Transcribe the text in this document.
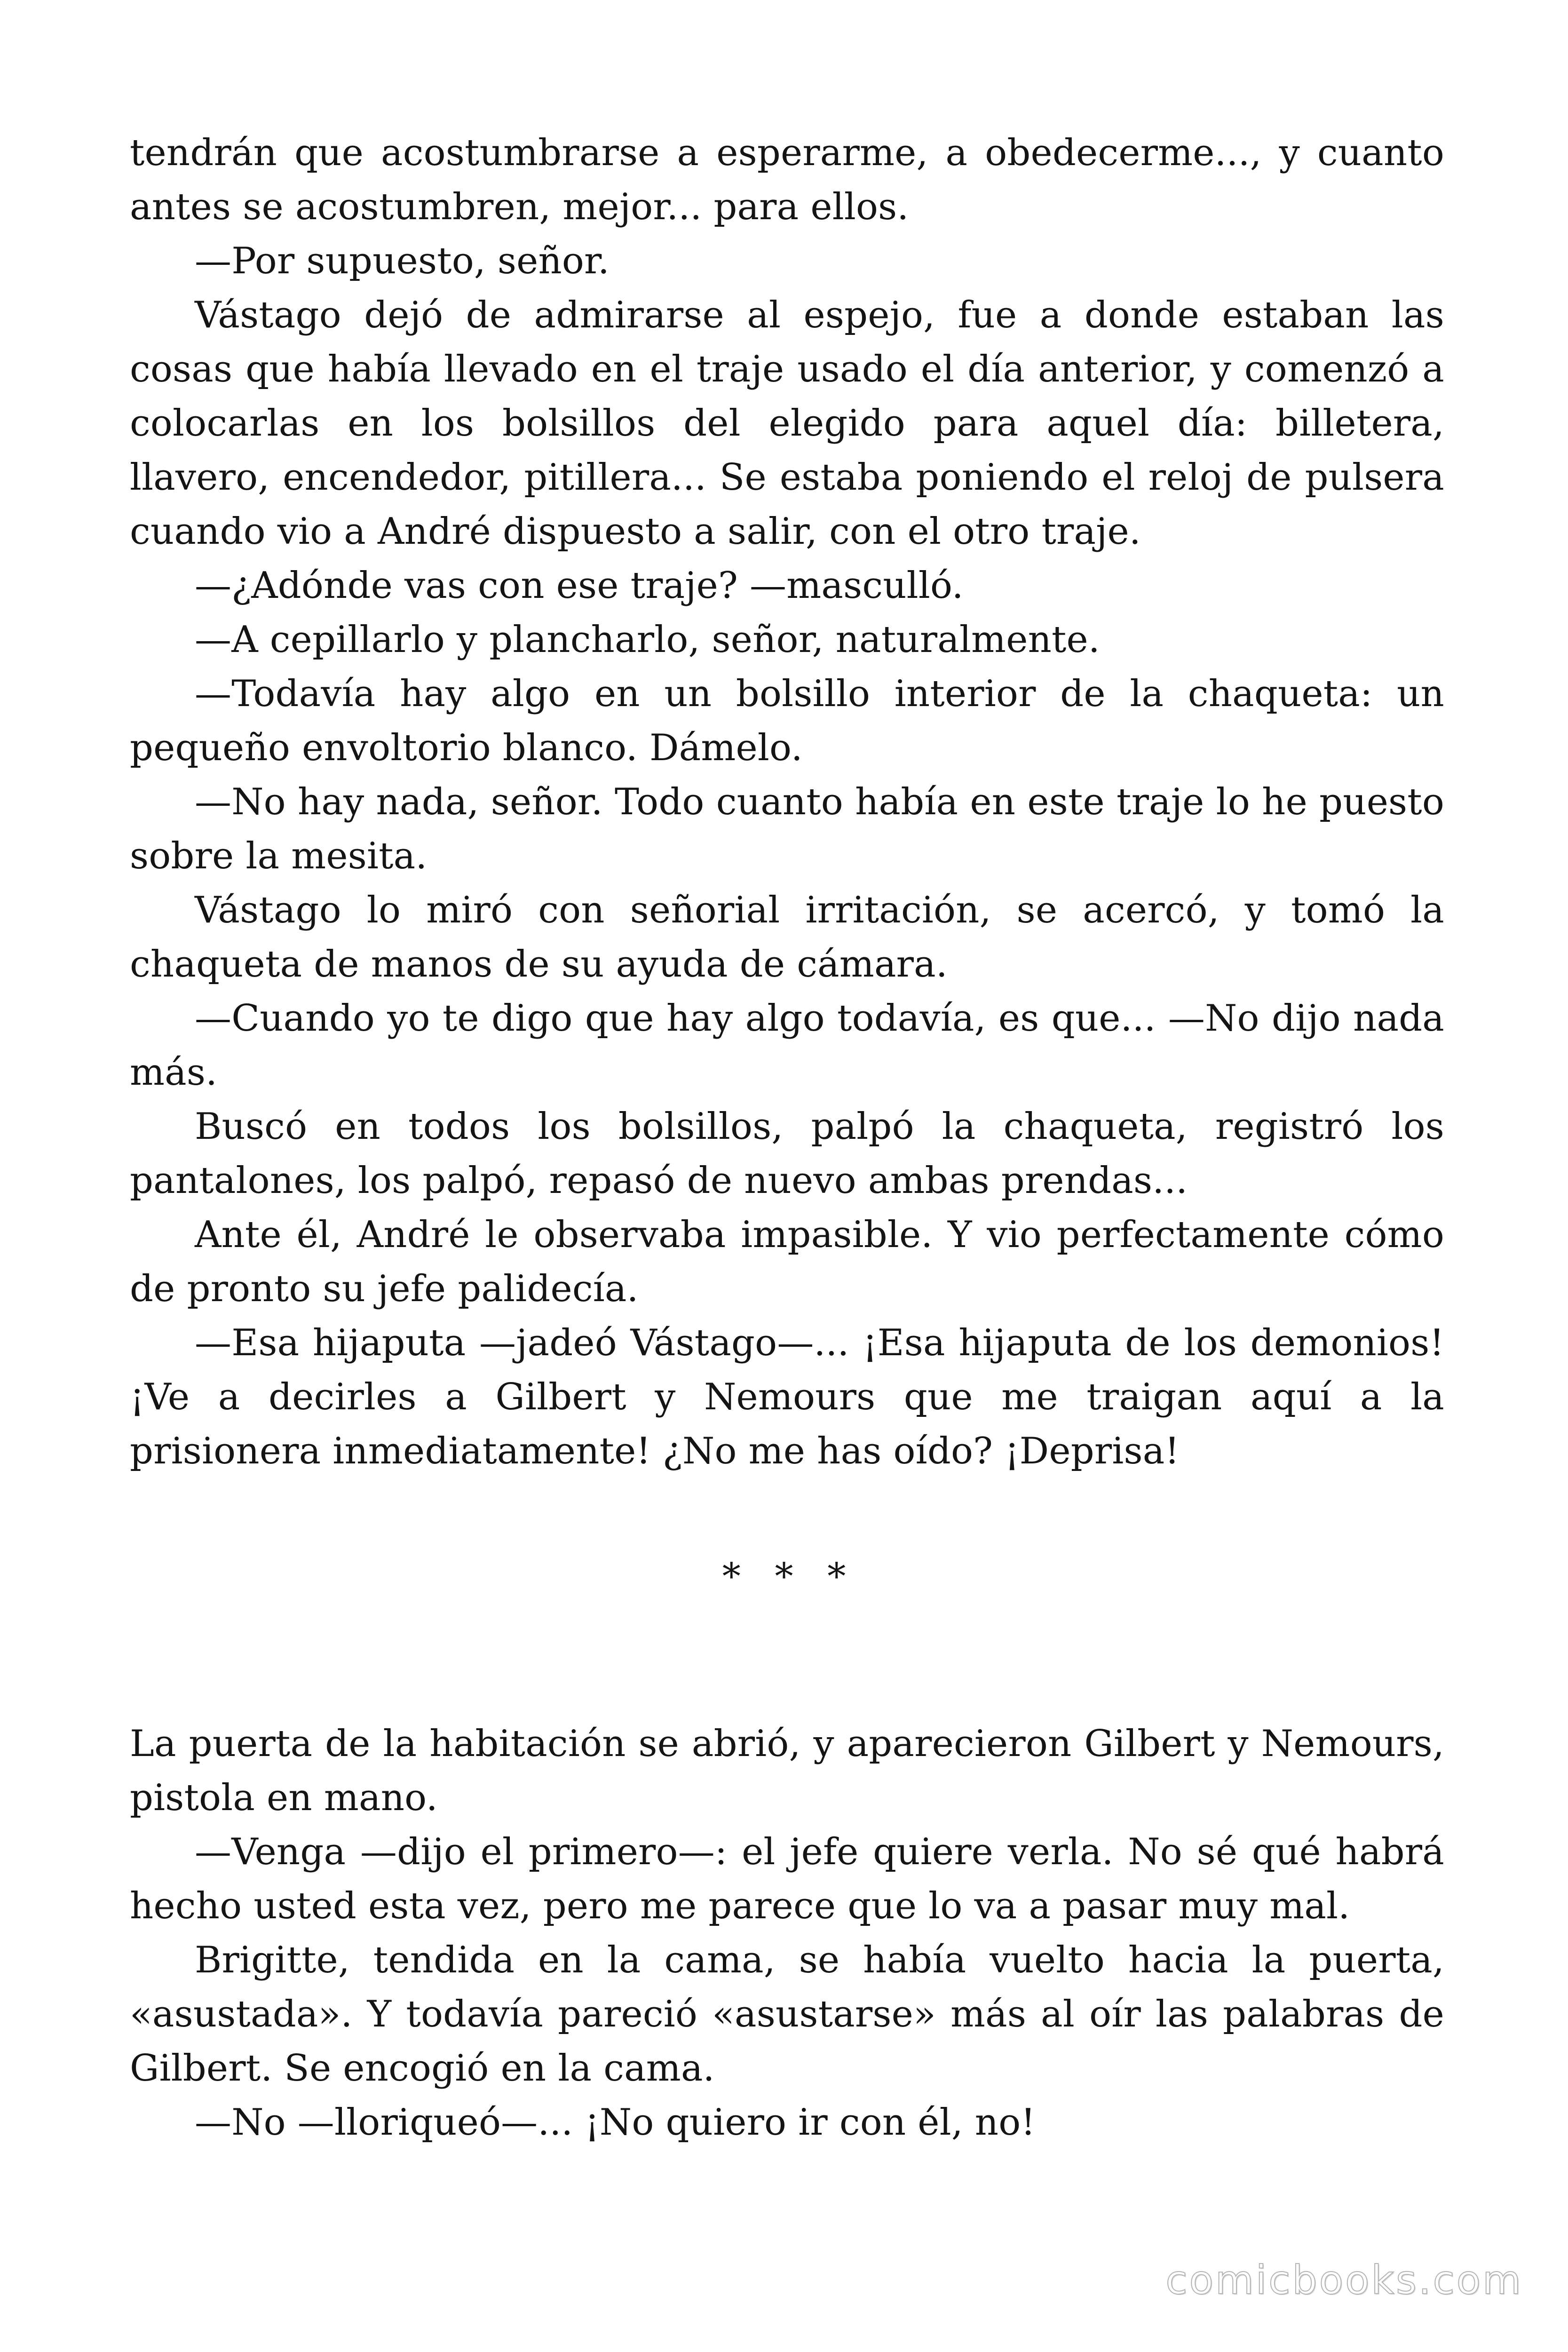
tendrán que acostumbrarse a esperarme, a obedecerme..., y cuanto antes se acostumbren, mejor... para ellos.

—Por supuesto, señor.

Vástago dejó de admirarse al espejo, fue a donde estaban las cosas que había llevado en el traje usado el día anterior, y comenzó a colocarlas en los bolsillos del elegido para aquel día: billetera, llavero, encendedor, pitillera... Se estaba poniendo el reloj de pulsera cuando vio a André dispuesto a salir, con el otro traje.

—¿Adónde vas con ese traje? —masculló.

—A cepillarlo y plancharlo, señor, naturalmente.

—Todavía hay algo en un bolsillo interior de la chaqueta: un pequeño envoltorio blanco. Dámelo.

—No hay nada, señor. Todo cuanto había en este traje lo he puesto sobre la mesita.

Vástago lo miró con señorial irritación, se acercó, y tomó la chaqueta de manos de su ayuda de cámara.

—Cuando yo te digo que hay algo todavía, es que... —No dijo nada más.

Buscó en todos los bolsillos, palpó la chaqueta, registró los pantalones, los palpó, repasó de nuevo ambas prendas...

Ante él, André le observaba impasible. Y vio perfectamente cómo de pronto su jefe palidecía.

—Esa hijaputa —jadeó Vástago—... ¡Esa hijaputa de los demonios! ¡Ve a decirles a Gilbert y Nemours que me traigan aquí a la prisionera inmediatamente! ¿No me has oído? ¡Deprisa!

* * *

La puerta de la habitación se abrió, y aparecieron Gilbert y Nemours, pistola en mano.

—Venga —dijo el primero—: el jefe quiere verla. No sé qué habrá hecho usted esta vez, pero me parece que lo va a pasar muy mal.

Brigitte, tendida en la cama, se había vuelto hacia la puerta, «asustada». Y todavía pareció «asustarse» más al oír las palabras de Gilbert. Se encogió en la cama.

—No —lloriqueó—... ¡No quiero ir con él, no!

comicbooks.com
